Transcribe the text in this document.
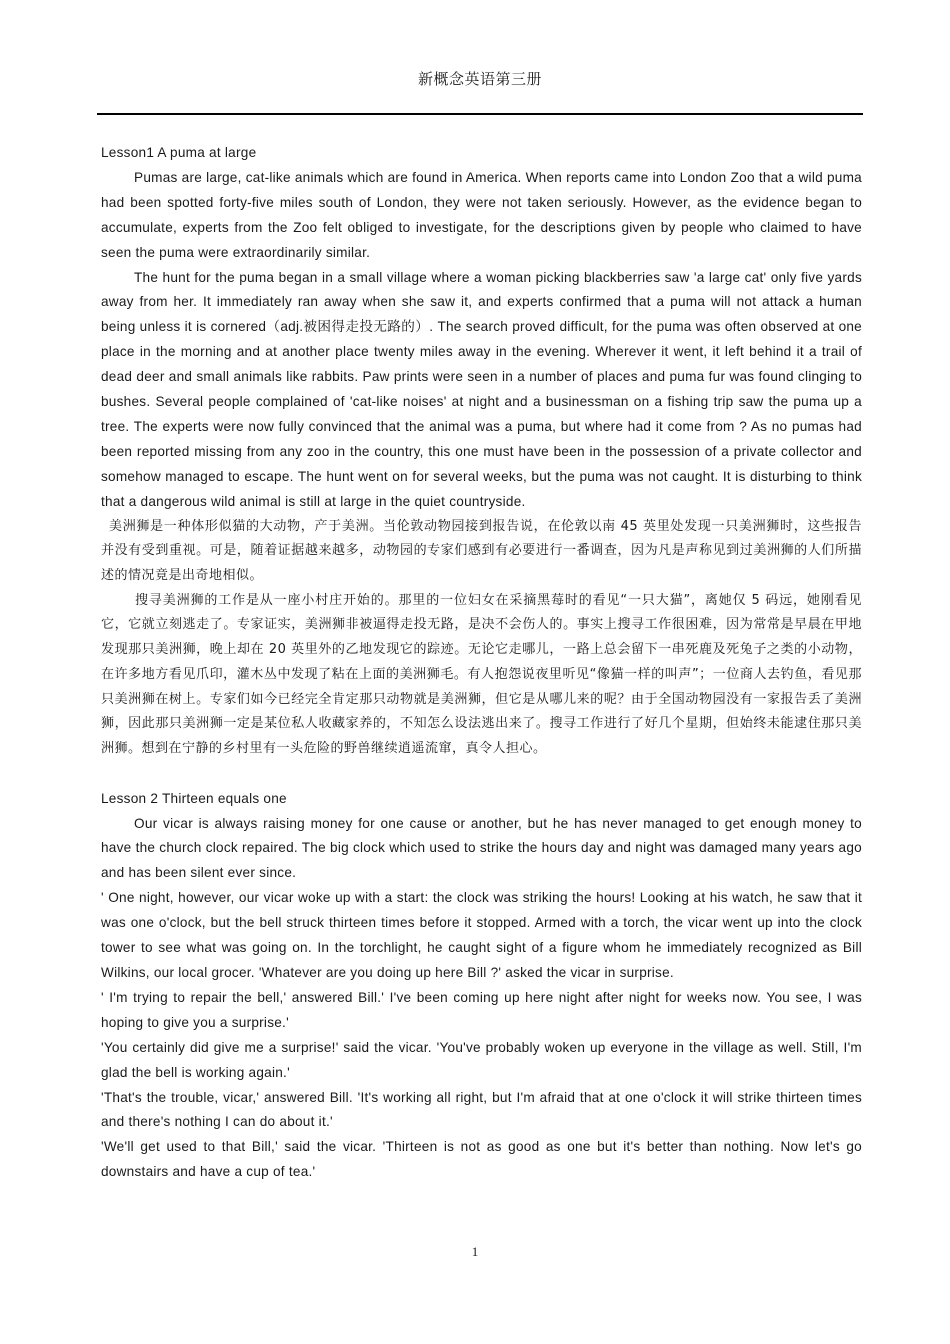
新概念英语第三册

Lesson1 A puma at large

Pumas are large, cat-like animals which are found in America. When reports came into London Zoo that a wild puma had been spotted forty-five miles south of London, they were not taken seriously. However, as the evidence began to accumulate, experts from the Zoo felt obliged to investigate, for the descriptions given by people who claimed to have seen the puma were extraordinarily similar.

The hunt for the puma began in a small village where a woman picking blackberries saw 'a large cat' only five yards away from her. It immediately ran away when she saw it, and experts confirmed that a puma will not attack a human being unless it is cornered（adj.被困得走投无路的）. The search proved difficult, for the puma was often observed at one place in the morning and at another place twenty miles away in the evening. Wherever it went, it left behind it a trail of dead deer and small animals like rabbits. Paw prints were seen in a number of places and puma fur was found clinging to bushes. Several people complained of 'cat-like noises' at night and a businessman on a fishing trip saw the puma up a tree. The experts were now fully convinced that the animal was a puma, but where had it come from ? As no pumas had been reported missing from any zoo in the country, this one must have been in the possession of a private collector and somehow managed to escape. The hunt went on for several weeks, but the puma was not caught. It is disturbing to think that a dangerous wild animal is still at large in the quiet countryside.

美洲狮是一种体形似猫的大动物，产于美洲。当伦敦动物园接到报告说，在伦敦以南 45 英里处发现一只美洲狮时，这些报告并没有受到重视。可是，随着证据越来越多，动物园的专家们感到有必要进行一番调查，因为凡是声称见到过美洲狮的人们所描述的情况竟是出奇地相似。

搜寻美洲狮的工作是从一座小村庄开始的。那里的一位妇女在采摘黑莓时的看见“一只大猫”，离她仅 5 码远，她刚看见它，它就立刻逃走了。专家证实，美洲狮非被逼得走投无路，是决不会伤人的。事实上搜寻工作很困难，因为常常是早晨在甲地发现那只美洲狮，晚上却在 20 英里外的乙地发现它的踪迹。无论它走哪儿，一路上总会留下一串死鹿及死兔子之类的小动物，在许多地方看见爪印，灌木丛中发现了粘在上面的美洲狮毛。有人抱怨说夜里听见“像猫一样的叫声”；一位商人去钓鱼，看见那只美洲狮在树上。专家们如今已经完全肯定那只动物就是美洲狮，但它是从哪儿来的呢？由于全国动物园没有一家报告丢了美洲狮，因此那只美洲狮一定是某位私人收藏家养的，不知怎么设法逃出来了。搜寻工作进行了好几个星期，但始终未能逮住那只美洲狮。想到在宁静的乡村里有一头危险的野兽继续逍遥流窜，真令人担心。

Lesson 2 Thirteen equals one

Our vicar is always raising money for one cause or another, but he has never managed to get enough money to have the church clock repaired. The big clock which used to strike the hours day and night was damaged many years ago and has been silent ever since.

' One night, however, our vicar woke up with a start: the clock was striking the hours! Looking at his watch, he saw that it was one o'clock, but the bell struck thirteen times before it stopped. Armed with a torch, the vicar went up into the clock tower to see what was going on. In the torchlight, he caught sight of a figure whom he immediately recognized as Bill Wilkins, our local grocer. 'Whatever are you doing up here Bill ?' asked the vicar in surprise.

' I'm trying to repair the bell,' answered Bill.' I've been coming up here night after night for weeks now. You see, I was hoping to give you a surprise.'

'You certainly did give me a surprise!' said the vicar. 'You've probably woken up everyone in the village as well. Still, I'm glad the bell is working again.'

'That's the trouble, vicar,' answered Bill. 'It's working all right, but I'm afraid that at one o'clock it will strike thirteen times and there's nothing I can do about it.'

'We'll get used to that Bill,' said the vicar. 'Thirteen is not as good as one but it's better than nothing. Now let's go downstairs and have a cup of tea.'

1
